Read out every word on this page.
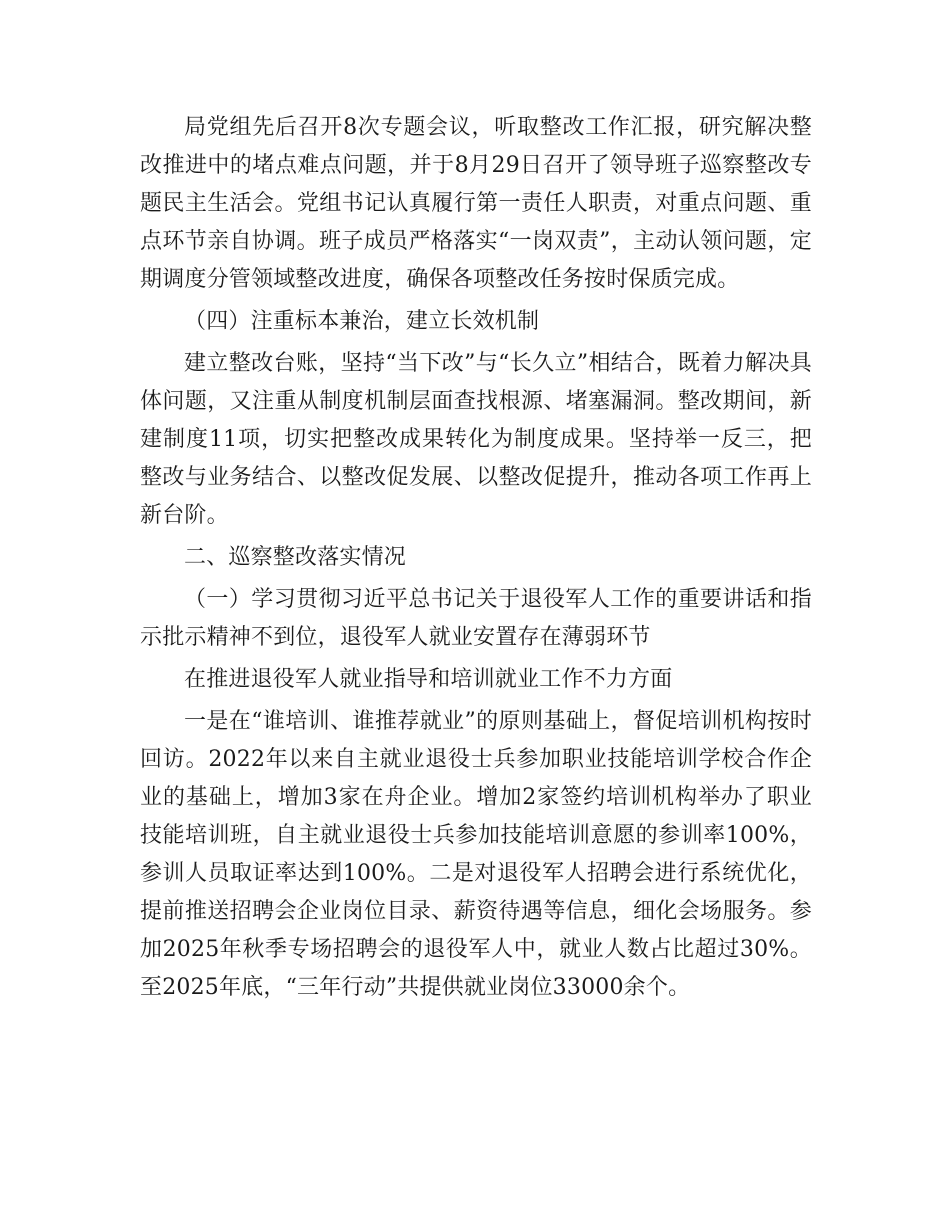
局党组先后召开8次专题会议，听取整改工作汇报，研究解决整改推进中的堵点难点问题，并于8月29日召开了领导班子巡察整改专题民主生活会。党组书记认真履行第一责任人职责，对重点问题、重点环节亲自协调。班子成员严格落实“一岗双责”，主动认领问题，定期调度分管领域整改进度，确保各项整改任务按时保质完成。

（四）注重标本兼治，建立长效机制

建立整改台账，坚持“当下改”与“长久立”相结合，既着力解决具体问题，又注重从制度机制层面查找根源、堵塞漏洞。整改期间，新建制度11项，切实把整改成果转化为制度成果。坚持举一反三，把整改与业务结合、以整改促发展、以整改促提升，推动各项工作再上新台阶。

二、巡察整改落实情况

（一）学习贯彻习近平总书记关于退役军人工作的重要讲话和指示批示精神不到位，退役军人就业安置存在薄弱环节

在推进退役军人就业指导和培训就业工作不力方面

一是在“谁培训、谁推荐就业”的原则基础上，督促培训机构按时回访。2022年以来自主就业退役士兵参加职业技能培训学校合作企业的基础上，增加3家在舟企业。增加2家签约培训机构举办了职业技能培训班，自主就业退役士兵参加技能培训意愿的参训率100%，参训人员取证率达到100%。二是对退役军人招聘会进行系统优化，提前推送招聘会企业岗位目录、薪资待遇等信息，细化会场服务。参加2025年秋季专场招聘会的退役军人中，就业人数占比超过30%。至2025年底，“三年行动”共提供就业岗位33000余个。
